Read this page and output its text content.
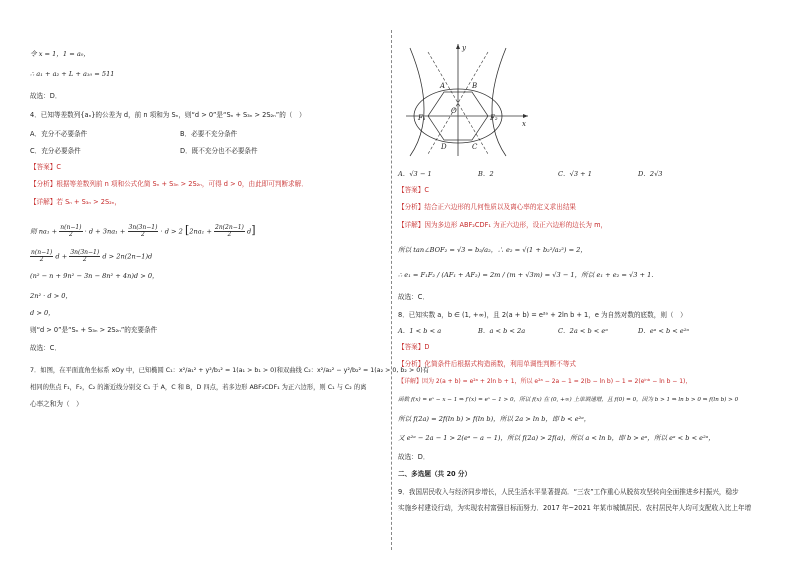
令 x = 1，1 = a₀，
∴ a₁ + a₂ + L + a₁₀ = 511
故选：D．
4．已知等差数列{aₙ}的公差为 d，前 n 项和为 Sₙ，则“d > 0”是“Sₙ + S₃ₙ > 2S₂ₙ”的（　）
A．充分不必要条件	B．必要不充分条件
C．充分必要条件	D．既不充分也不必要条件
【答案】C
【分析】根据等差数列前 n 项和公式化简 Sₙ + S₃ₙ > 2S₂ₙ，可得 d > 0，由此即可判断求解．
【详解】若 Sₙ + S₃ₙ > 2S₂ₙ，
则 $na_1 + \frac{n(n-1)}{2} \cdot d + 3na_1 + \frac{3n(3n-1)}{2} \cdot d > 2$ $[2na_1 + \frac{2n(2n-1)}{2} d]$
$\frac{n(n-1)}{2}$ $d + \frac{3n(3n-1)}{2}$ d > 2n(2n−1)d
(n² − n + 9n² − 3n − 8n² + 4n)d > 0，
2n² · d > 0，
d > 0，
则“d > 0”是“Sₙ + S₃ₙ > 2S₂ₙ”的充要条件
故选：C．
7．如图，在平面直角坐标系 xOy 中，已知椭圆 C₁：x²/a₁² + y²/b₁² = 1(a₁ > b₁ > 0)和双曲线 C₂：x²/a₂² − y²/b₂² = 1(a₂ > 0, b₂ > 0)有
相同的焦点 F₁，F₂，C₂ 的渐近线分别交 C₁ 于 A，C 和 B，D 四点，若多边形 ABF₂CDF₁ 为正六边形，则 C₁ 与 C₂ 的离
心率之和为（　）
y
x
O
A	B
C
D
F₁	F₂
A．√3 − 1	B．2	C．√3 + 1	D．2√3
【答案】C
【分析】结合正六边形的几何性质以及离心率的定义求出结果
【详解】因为多边形 ABF₂CDF₁ 为正六边形，设正六边形的边长为 m，
所以 tan∠BOF₂ = √3 = b₂/a₂，∴ e₂ = √(1 + b₂²/a₂²) = 2，
∴ e₁ = F₁F₂ / (AF₁ + AF₂) = 2m / (m + √3m) = √3 − 1，所以 e₁ + e₂ = √3 + 1．
故选：C．
8．已知实数 a，b ∈ (1, +∞)，且 2(a + b) = e²ᵃ + 2ln b + 1，e 为自然对数的底数，则（　）
A．1 < b < a	B．a < b < 2a	C．2a < b < eᵃ	D．eᵃ < b < e²ᵃ
【答案】D
【分析】化简条件后根据式构造函数，利用单调性判断不等式
【详解】因为 2(a + b) = e²ᵃ + 2ln b + 1，所以 e²ᵃ − 2a − 1 = 2(b − ln b) − 1 = 2(eˡⁿᵇ − ln b − 1)，
函数 f(x) = eˣ − x − 1 ⇒ f′(x) = eˣ − 1 > 0，所以 f(x) 在 (0, +∞) 上单调递增，且 f(0) = 0，因为 b > 1 ⇒ ln b > 0 ⇒ f(ln b) > 0
所以 f(2a) = 2f(ln b) > f(ln b)，所以 2a > ln b，即 b < e²ᵃ，
又 e²ᵃ − 2a − 1 > 2(eᵃ − a − 1)，所以 f(2a) > 2f(a)，所以 a < ln b，即 b > eᵃ，所以 eᵃ < b < e²ᵃ，
故选：D．
二、多选题（共 20 分）
9．我国居民收入与经济同步增长，人民生活水平显著提高．“三农”工作重心从脱贫攻坚转向全面推进乡村振兴，稳步
实施乡村建设行动，为实现农村富强目标而努力．2017 年~2021 年某市城镇居民、农村居民年人均可支配收入比上年增
